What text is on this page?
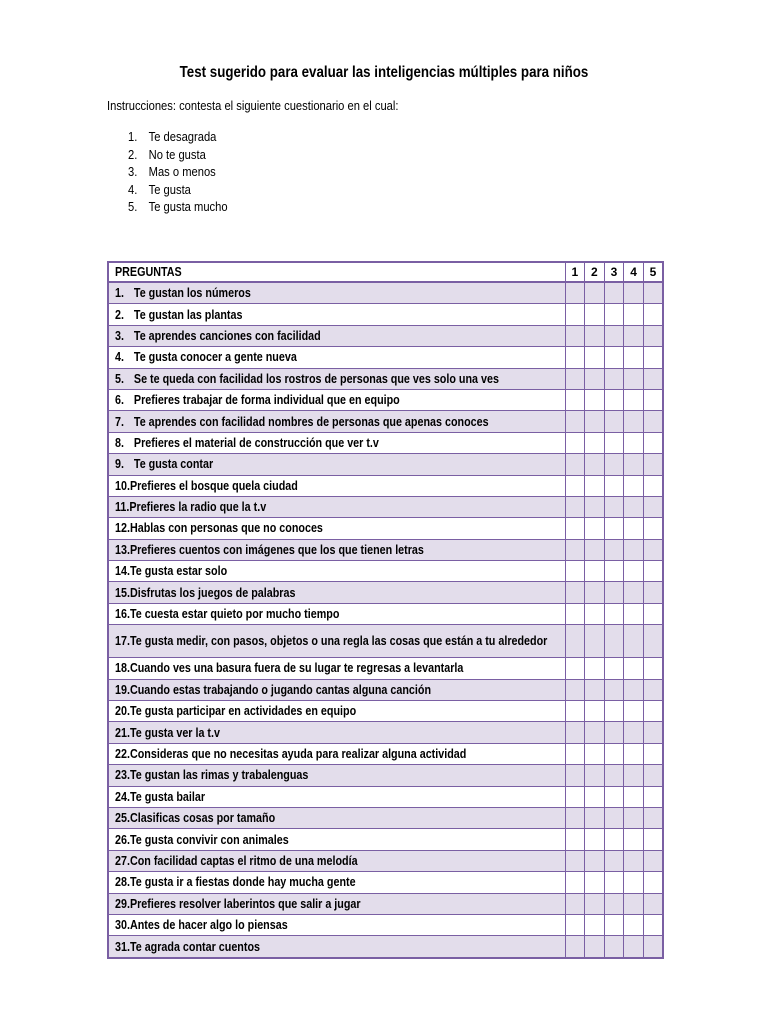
Test sugerido para evaluar las inteligencias múltiples para niños
Instrucciones: contesta el siguiente cuestionario en el cual:
1. Te desagrada
2. No te gusta
3. Mas o menos
4. Te gusta
5. Te gusta mucho
PREGUNTAS	1	2	3	4	5
1. Te gustan los números					
2. Te gustan las plantas					
3. Te aprendes canciones con facilidad					
4. Te gusta conocer a gente nueva					
5. Se te queda con facilidad los rostros de personas que ves solo una ves					
6. Prefieres trabajar de forma individual que en equipo					
7. Te aprendes con facilidad nombres de personas que apenas conoces					
8. Prefieres el material de construcción que ver t.v					
9. Te gusta contar					
10.Prefieres el bosque quela ciudad					
11.Prefieres la radio que la t.v					
12.Hablas con personas que no conoces					
13.Prefieres cuentos con imágenes que los que tienen letras					
14.Te gusta estar solo					
15.Disfrutas los juegos de palabras					
16.Te cuesta estar quieto por mucho tiempo					
17.Te gusta medir, con pasos, objetos o una regla las cosas que están a tu alrededor					
18.Cuando ves una basura fuera de su lugar te regresas a levantarla					
19.Cuando estas trabajando o jugando cantas alguna canción					
20.Te gusta participar en actividades en equipo					
21.Te gusta ver la t.v					
22.Consideras que no necesitas ayuda para realizar alguna actividad					
23.Te gustan las rimas y trabalenguas					
24.Te gusta bailar					
25.Clasificas cosas por tamaño					
26.Te gusta convivir con animales					
27.Con facilidad captas el ritmo de una melodía					
28.Te gusta ir a fiestas donde hay mucha gente					
29.Prefieres resolver laberintos que salir a jugar					
30.Antes de hacer algo lo piensas					
31.Te agrada contar cuentos					
